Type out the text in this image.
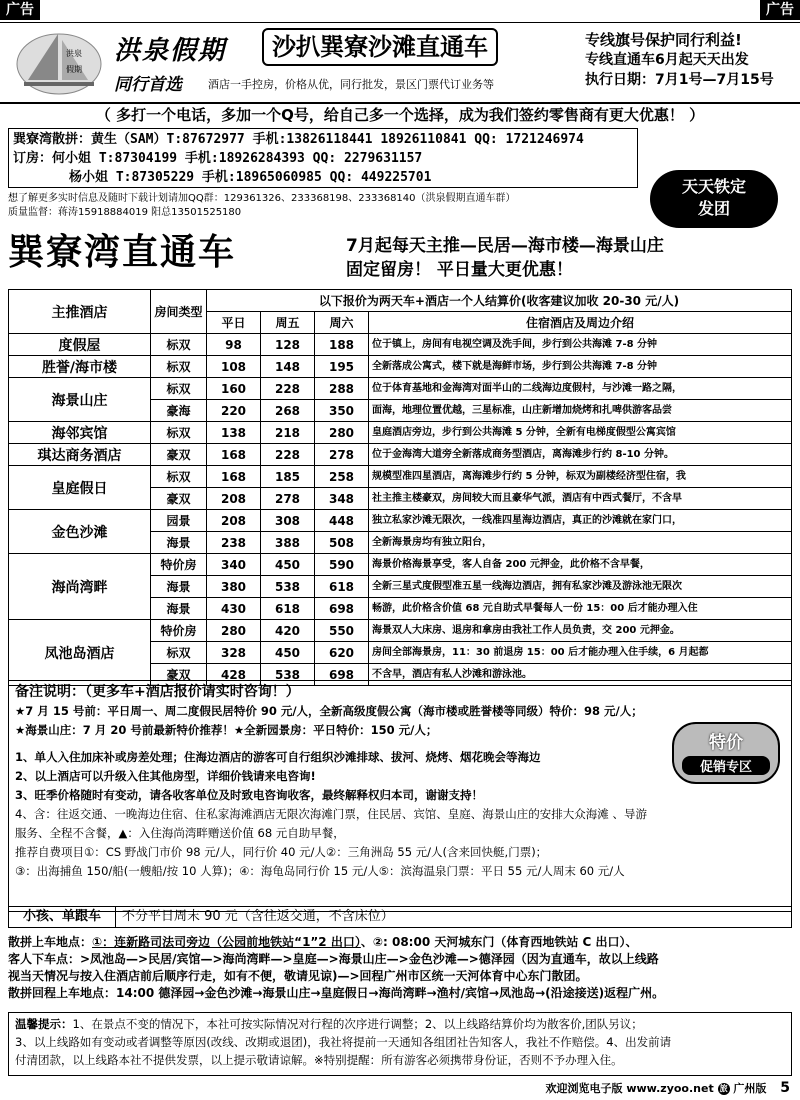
广告	广告
洪泉
假期
洪泉假期	沙扒巽寮沙滩直通车
同行首选 酒店一手控房，价格从优，同行批发，景区门票代订业务等
专线旗号保护同行利益!
专线直通车6月起天天出发
执行日期：7月1号—7月15号
（ 多打一个电话，多加一个Q号，给自己多一个选择，成为我们签约零售商有更大优惠！ ）
巽寮湾散拼：黄生（SAM）T:87672977 手机:13826118441 18926110841 QQ: 1721246974
订房：何小姐 T:87304199 手机:18926284393 QQ: 2279631157
杨小姐 T:87305229 手机:18965060985 QQ: 449225701	天天铁定
发团
想了解更多实时信息及随时下载计划请加QQ群：129361326、233368198、233368140（洪泉假期直通车群）
质量监督：蒋涛15918884019 阳总13501525180
巽寮湾直通车	7月起每天主推—民居—海市楼—海景山庄
固定留房！ 平日量大更优惠！
主推酒店	房间类型	以下报价为两天车+酒店一个人结算价(收客建议加收 20-30 元/人)			
		平日	周五	周六	住宿酒店及周边介绍
度假屋	标双	98	128	188	位于镇上，房间有电视空调及洗手间，步行到公共海滩 7-8 分钟
胜誉/海市楼	标双	108	148	195	全新落成公寓式，楼下就是海鲜市场，步行到公共海滩 7-8 分钟
海景山庄	标双	160	228	288	位于体育基地和金海湾对面半山的二线海边度假村，与沙滩一路之隔，
	豪海	220	268	350	面海，地理位置优越，三星标准，山庄新增加烧烤和扎啤供游客品尝
海邻宾馆	标双	138	218	280	皇庭酒店旁边，步行到公共海滩 5 分钟，全新有电梯度假型公寓宾馆
琪达商务酒店	豪双	168	228	278	位于金海湾大道旁全新落成商务型酒店，离海滩步行约 8-10 分钟。
皇庭假日	标双	168	185	258	规模型准四星酒店，离海滩步行约 5 分钟，标双为副楼经济型住宿，我
	豪双	208	278	348	社主推主楼豪双，房间较大而且豪华气派，酒店有中西式餐厅，不含早
金色沙滩	园景	208	308	448	独立私家沙滩无限次，一线准四星海边酒店，真正的沙滩就在家门口，
	海景	238	388	508	全新海景房均有独立阳台，
海尚湾畔	特价房	340	450	590	海景价格海景享受，客人自备 200 元押金，此价格不含早餐，
	海景	380	538	618	全新三星式度假型准五星一线海边酒店，拥有私家沙滩及游泳池无限次
	海景	430	618	698	畅游，此价格含价值 68 元自助式早餐每人一份 15：00 后才能办理入住
凤池岛酒店	特价房	280	420	550	海景双人大床房、退房和拿房由我社工作人员负责，交 200 元押金。
	标双	328	450	620	房间全部海景房，11：30 前退房 15：00 后才能办理入住手续，6 月起都
	豪双	428	538	698	不含早，酒店有私人沙滩和游泳池。

备注说明：（更多车+酒店报价请实时咨询！）

★7 月 15 号前：平日周一、周二度假民居特价 90 元/人，全新高级度假公寓（海市楼或胜誉楼等同级）特价：98 元/人；

★海景山庄：7 月 20 号前最新特价推荐！★全新园景房：平日特价：150 元/人；

1、单人入住加床补或房差处理；住海边酒店的游客可自行组织沙滩排球、拔河、烧烤、烟花晚会等海边

2、以上酒店可以升级入住其他房型，详细价钱请来电咨询!

3、旺季价格随时有变动，请各收客单位及时致电咨询收客，最终解释权归本司，谢谢支持！

4、含：往返交通、一晚海边住宿、住私家海滩酒店无限次海滩门票，住民居、宾馆、皇庭、海景山庄的安排大众海滩 、导游

服务、全程不含餐，▲：入住海尚湾畔赠送价值 68 元自助早餐，

推荐自费项目①：CS 野战门市价 98 元/人，同行价 40 元/人②：三角洲岛 55 元/人(含来回快艇,门票)；

③：出海捕鱼 150/船(一艘船/按 10 人算)；④：海龟岛同行价 15 元/人⑤：滨海温泉门票：平日 55 元/人周末 60 元/人

特价
促销专区
小孩、单跟车 不分平日周末 90 元（含往返交通，不含床位）

散拼上车地点：①：连新路司法司旁边（公园前地铁站“1”2 出口）、②: 08:00 天河城东门（体育西地铁站 C 出口）、

客人下车点：>凤池岛—>民居/宾馆—>海尚湾畔—>皇庭—>海景山庄—>金色沙滩—>德泽园（因为直通车，故以上线路

视当天情况与按入住酒店前后顺序行走，如有不便，敬请见谅)—>回程广州市区统一天河体育中心东门散团。

散拼回程上车地点：14:00 德泽园→金色沙滩→海景山庄→皇庭假日→海尚湾畔→渔村/宾馆→凤池岛→(沿途接送)返程广州。

温馨提示：1、在景点不变的情况下，本社可按实际情况对行程的次序进行调整；2、以上线路结算价均为散客价,团队另议；
3、以上线路如有变动或者调整等原因(改线、改期或退团)，我社将提前一天通知各组团社告知客人，我社不作赔偿。4、出发前请
付清团款，以上线路本社不提供发票，以上提示敬请谅解。※特别提醒：所有游客必须携带身份证，否则不予办理入住。
欢迎浏览电子版 www.zyoo.net 旅 广州版 5
